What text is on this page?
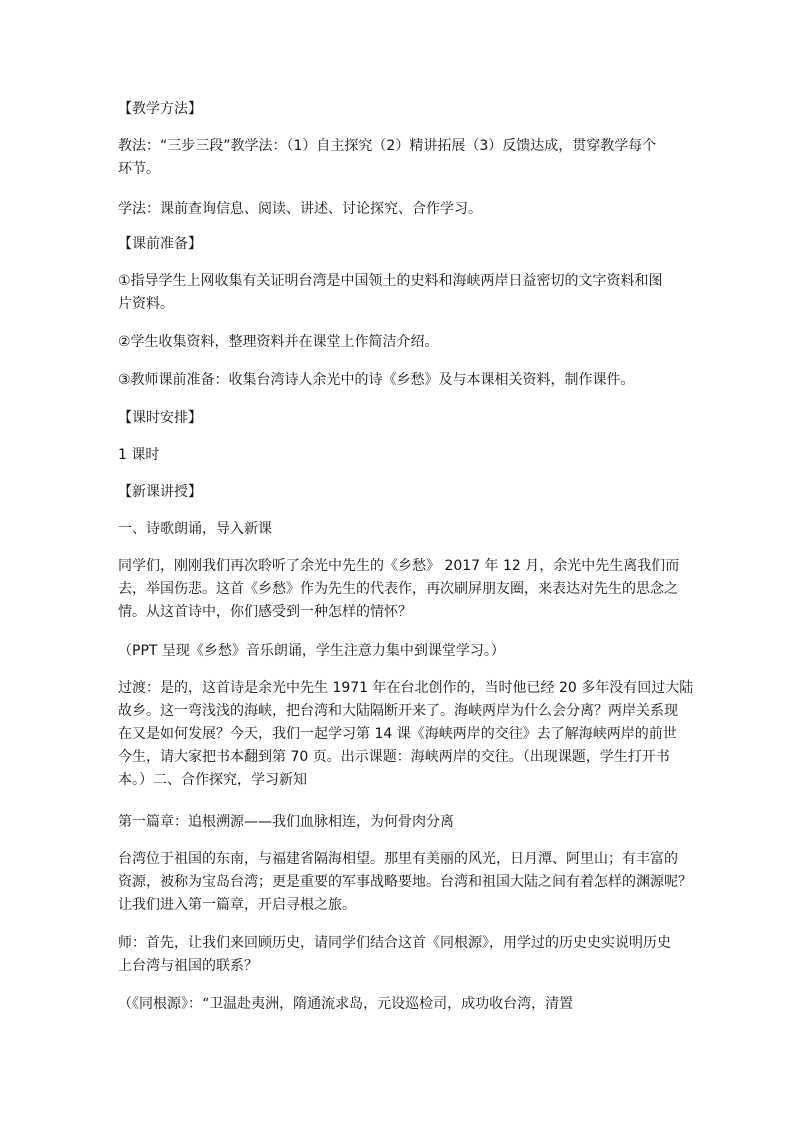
【教学方法】
教法：“三步三段”教学法：（1）自主探究（2）精讲拓展（3）反馈达成，贯穿教学每个
环节。
学法：课前查询信息、阅读、讲述、讨论探究、合作学习。
【课前准备】
①指导学生上网收集有关证明台湾是中国领土的史料和海峡两岸日益密切的文字资料和图
片资料。
②学生收集资料，整理资料并在课堂上作简洁介绍。
③教师课前准备：收集台湾诗人余光中的诗《乡愁》及与本课相关资料，制作课件。
【课时安排】
1 课时
【新课讲授】
一、诗歌朗诵，导入新课
同学们，刚刚我们再次聆听了余光中先生的《乡愁》 2017 年 12 月，余光中先生离我们而
去，举国伤悲。这首《乡愁》作为先生的代表作，再次刷屏朋友圈，来表达对先生的思念之
情。从这首诗中，你们感受到一种怎样的情怀？
（PPT 呈现《乡愁》音乐朗诵，学生注意力集中到课堂学习。）
过渡：是的，这首诗是余光中先生 1971 年在台北创作的，当时他已经 20 多年没有回过大陆
故乡。这一弯浅浅的海峡，把台湾和大陆隔断开来了。海峡两岸为什么会分离？两岸关系现
在又是如何发展？今天，我们一起学习第 14 课《海峡两岸的交往》去了解海峡两岸的前世
今生，请大家把书本翻到第 70 页。出示课题：海峡两岸的交往。（出现课题，学生打开书
本。）二、合作探究，学习新知
第一篇章：追根溯源——我们血脉相连，为何骨肉分离
台湾位于祖国的东南，与福建省隔海相望。那里有美丽的风光，日月潭、阿里山；有丰富的
资源，被称为宝岛台湾；更是重要的军事战略要地。台湾和祖国大陆之间有着怎样的渊源呢？
让我们进入第一篇章，开启寻根之旅。
师：首先，让我们来回顾历史，请同学们结合这首《同根源》，用学过的历史史实说明历史
上台湾与祖国的联系？
（《同根源》：“卫温赴夷洲，隋通流求岛，元设巡检司，成功收台湾，清置
